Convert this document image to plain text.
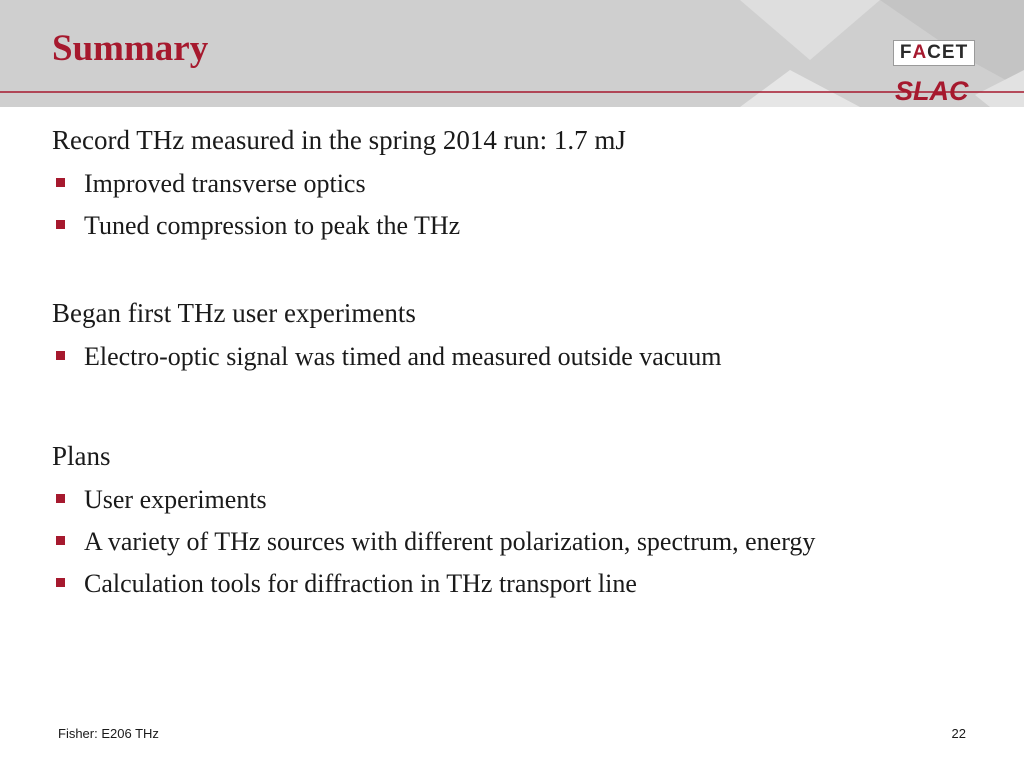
Summary	F A CET
SLAC
Record THz measured in the spring 2014 run: 1.7 mJ
Improved transverse optics
Tuned compression to peak the THz
Began first THz user experiments
Electro-optic signal was timed and measured outside vacuum
Plans
User experiments
A variety of THz sources with different polarization, spectrum, energy
Calculation tools for diffraction in THz transport line
Fisher: E206 THz	22
